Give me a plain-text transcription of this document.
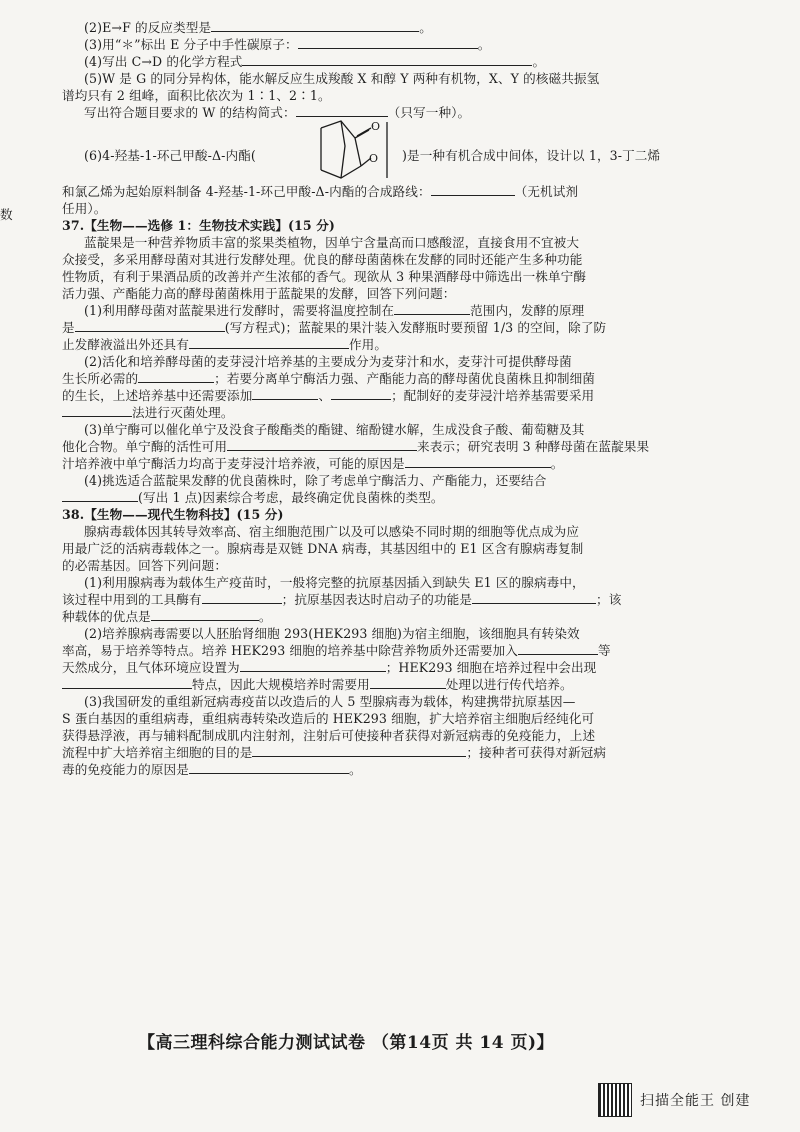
数
(2)E→F 的反应类型是	。
(3)用“＊”标出 E 分子中手性碳原子：	。
(4)写出 C→D 的化学方程式	。
(5)W 是 G 的同分异构体，能水解反应生成羧酸 X 和醇 Y 两种有机物，X、Y 的核磁共振氢
谱均只有 2 组峰，面积比依次为 1∶1、2∶1。
写出符合题目要求的 W 的结构简式：	（只写一种）。
(6)4-羟基-1-环己甲酸-Δ-内酯(
O
O )是一种有机合成中间体，设计以 1，3-丁二烯
和氯乙烯为起始原料制备 4-羟基-1-环己甲酸-Δ-内酯的合成路线：	（无机试剂
任用）。
37.【生物——选修 1：生物技术实践】(15 分)
蓝靛果是一种营养物质丰富的浆果类植物，因单宁含量高而口感酸涩，直接食用不宜被大
众接受，多采用酵母菌对其进行发酵处理。优良的酵母菌菌株在发酵的同时还能产生多种功能
性物质，有利于果酒品质的改善并产生浓郁的香气。现欲从 3 种果酒酵母中筛选出一株单宁酶
活力强、产酯能力高的酵母菌菌株用于蓝靛果的发酵，回答下列问题：
(1)利用酵母菌对蓝靛果进行发酵时，需要将温度控制在	范围内，发酵的原理
是	(写方程式)；蓝靛果的果汁装入发酵瓶时要预留 1/3 的空间，除了防
止发酵液溢出外还具有	作用。
(2)活化和培养酵母菌的麦芽浸汁培养基的主要成分为麦芽汁和水，麦芽汁可提供酵母菌
生长所必需的	；若要分离单宁酶活力强、产酯能力高的酵母菌优良菌株且抑制细菌
的生长，上述培养基中还需要添加	、	；配制好的麦芽浸汁培养基需要采用
法进行灭菌处理。
(3)单宁酶可以催化单宁及没食子酸酯类的酯键、缩酚键水解，生成没食子酸、葡萄糖及其
他化合物。单宁酶的活性可用	来表示；研究表明 3 种酵母菌在蓝靛果果
汁培养液中单宁酶活力均高于麦芽浸汁培养液，可能的原因是	。
(4)挑选适合蓝靛果发酵的优良菌株时，除了考虑单宁酶活力、产酯能力，还要结合
(写出 1 点)因素综合考虑，最终确定优良菌株的类型。
38.【生物——现代生物科技】(15 分)
腺病毒载体因其转导效率高、宿主细胞范围广以及可以感染不同时期的细胞等优点成为应
用最广泛的活病毒载体之一。腺病毒是双链 DNA 病毒，其基因组中的 E1 区含有腺病毒复制
的必需基因。回答下列问题：
(1)利用腺病毒为载体生产疫苗时，一般将完整的抗原基因插入到缺失 E1 区的腺病毒中，
该过程中用到的工具酶有	；抗原基因表达时启动子的功能是	；该
种载体的优点是	。
(2)培养腺病毒需要以人胚胎肾细胞 293(HEK293 细胞)为宿主细胞，该细胞具有转染效
率高，易于培养等特点。培养 HEK293 细胞的培养基中除营养物质外还需要加入	等
天然成分，且气体环境应设置为	；HEK293 细胞在培养过程中会出现
特点，因此大规模培养时需要用	处理以进行传代培养。
(3)我国研发的重组新冠病毒疫苗以改造后的人 5 型腺病毒为载体，构建携带抗原基因—
S 蛋白基因的重组病毒，重组病毒转染改造后的 HEK293 细胞，扩大培养宿主细胞后经纯化可
获得悬浮液，再与辅料配制成肌内注射剂，注射后可使接种者获得对新冠病毒的免疫能力，上述
流程中扩大培养宿主细胞的目的是	；接种者可获得对新冠病
毒的免疫能力的原因是	。
【高三理科综合能力测试试卷 （第14页 共 14 页)】
扫描全能王 创建
